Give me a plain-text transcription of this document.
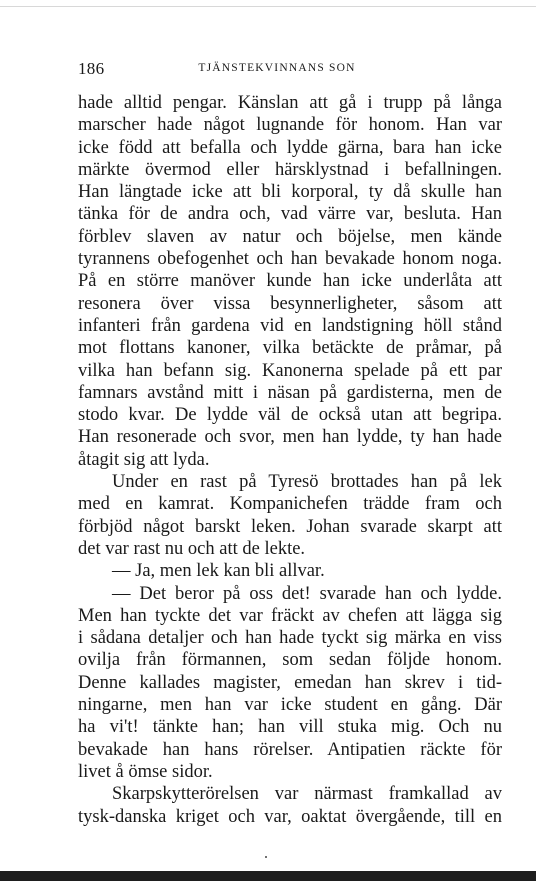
186	TJÄNSTEKVINNANS SON
hade alltid pengar. Känslan att gå i trupp på långa
marscher hade något lugnande för honom. Han var
icke född att befalla och lydde gärna, bara han icke
märkte övermod eller härsklystnad i befallningen.
Han längtade icke att bli korporal, ty då skulle han
tänka för de andra och, vad värre var, besluta. Han
förblev slaven av natur och böjelse, men kände
tyrannens obefogenhet och han bevakade honom noga.
På en större manöver kunde han icke underlåta att
resonera över vissa besynnerligheter, såsom att
infanteri från gardena vid en landstigning höll stånd
mot flottans kanoner, vilka betäckte de pråmar, på
vilka han befann sig. Kanonerna spelade på ett par
famnars avstånd mitt i näsan på gardisterna, men de
stodo kvar. De lydde väl de också utan att begripa.
Han resonerade och svor, men han lydde, ty han hade
åtagit sig att lyda.
Under en rast på Tyresö brottades han på lek
med en kamrat. Kompanichefen trädde fram och
förbjöd något barskt leken. Johan svarade skarpt att
det var rast nu och att de lekte.
— Ja, men lek kan bli allvar.
— Det beror på oss det! svarade han och lydde.
Men han tyckte det var fräckt av chefen att lägga sig
i sådana detaljer och han hade tyckt sig märka en viss
ovilja från förmannen, som sedan följde honom.
Denne kallades magister, emedan han skrev i tid-
ningarne, men han var icke student en gång. Där
ha vi't! tänkte han; han vill stuka mig. Och nu
bevakade han hans rörelser. Antipatien räckte för
livet å ömse sidor.
Skarpskytterörelsen var närmast framkallad av
tysk-danska kriget och var, oaktat övergående, till en
